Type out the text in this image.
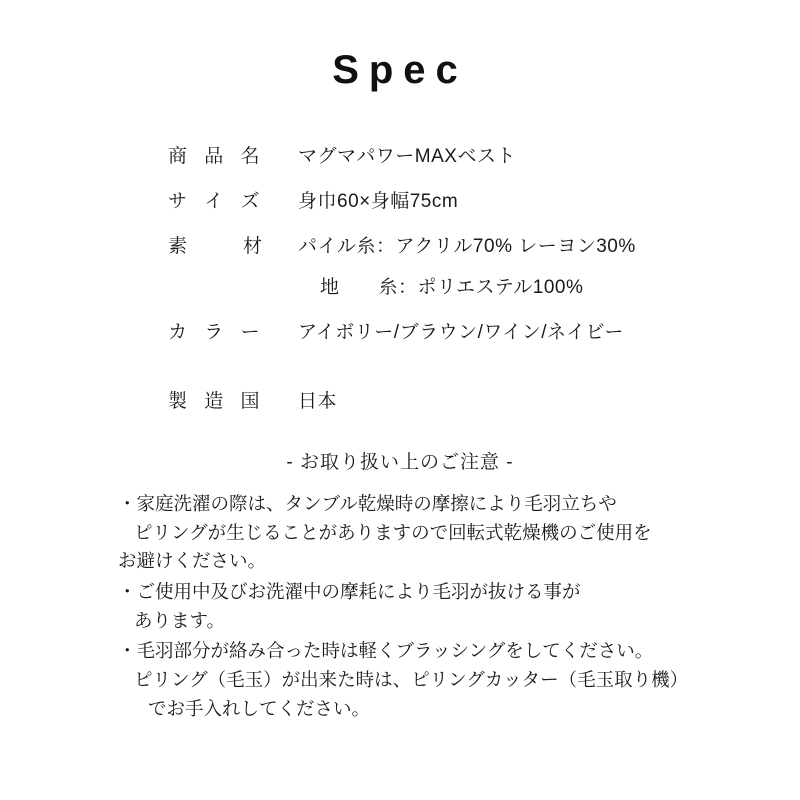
Spec
商 品 名	マグマパワーMAXベスト
サ イ ズ	身巾60×身幅75cm
素　　材	パイル糸：アクリル70% レーヨン30%
地　　糸：ポリエステル100%
カ ラ ー	アイボリー/ブラウン/ワイン/ネイビー
製 造 国	日本
- お取り扱い上のご注意 -
・家庭洗濯の際は、タンブル乾燥時の摩擦により毛羽立ちや
ピリングが生じることがありますので回転式乾燥機のご使用を
お避けください。
・ご使用中及びお洗濯中の摩耗により毛羽が抜ける事が
あります。
・毛羽部分が絡み合った時は軽くブラッシングをしてください。
ピリング（毛玉）が出来た時は、ピリングカッター（毛玉取り機）
でお手入れしてください。
